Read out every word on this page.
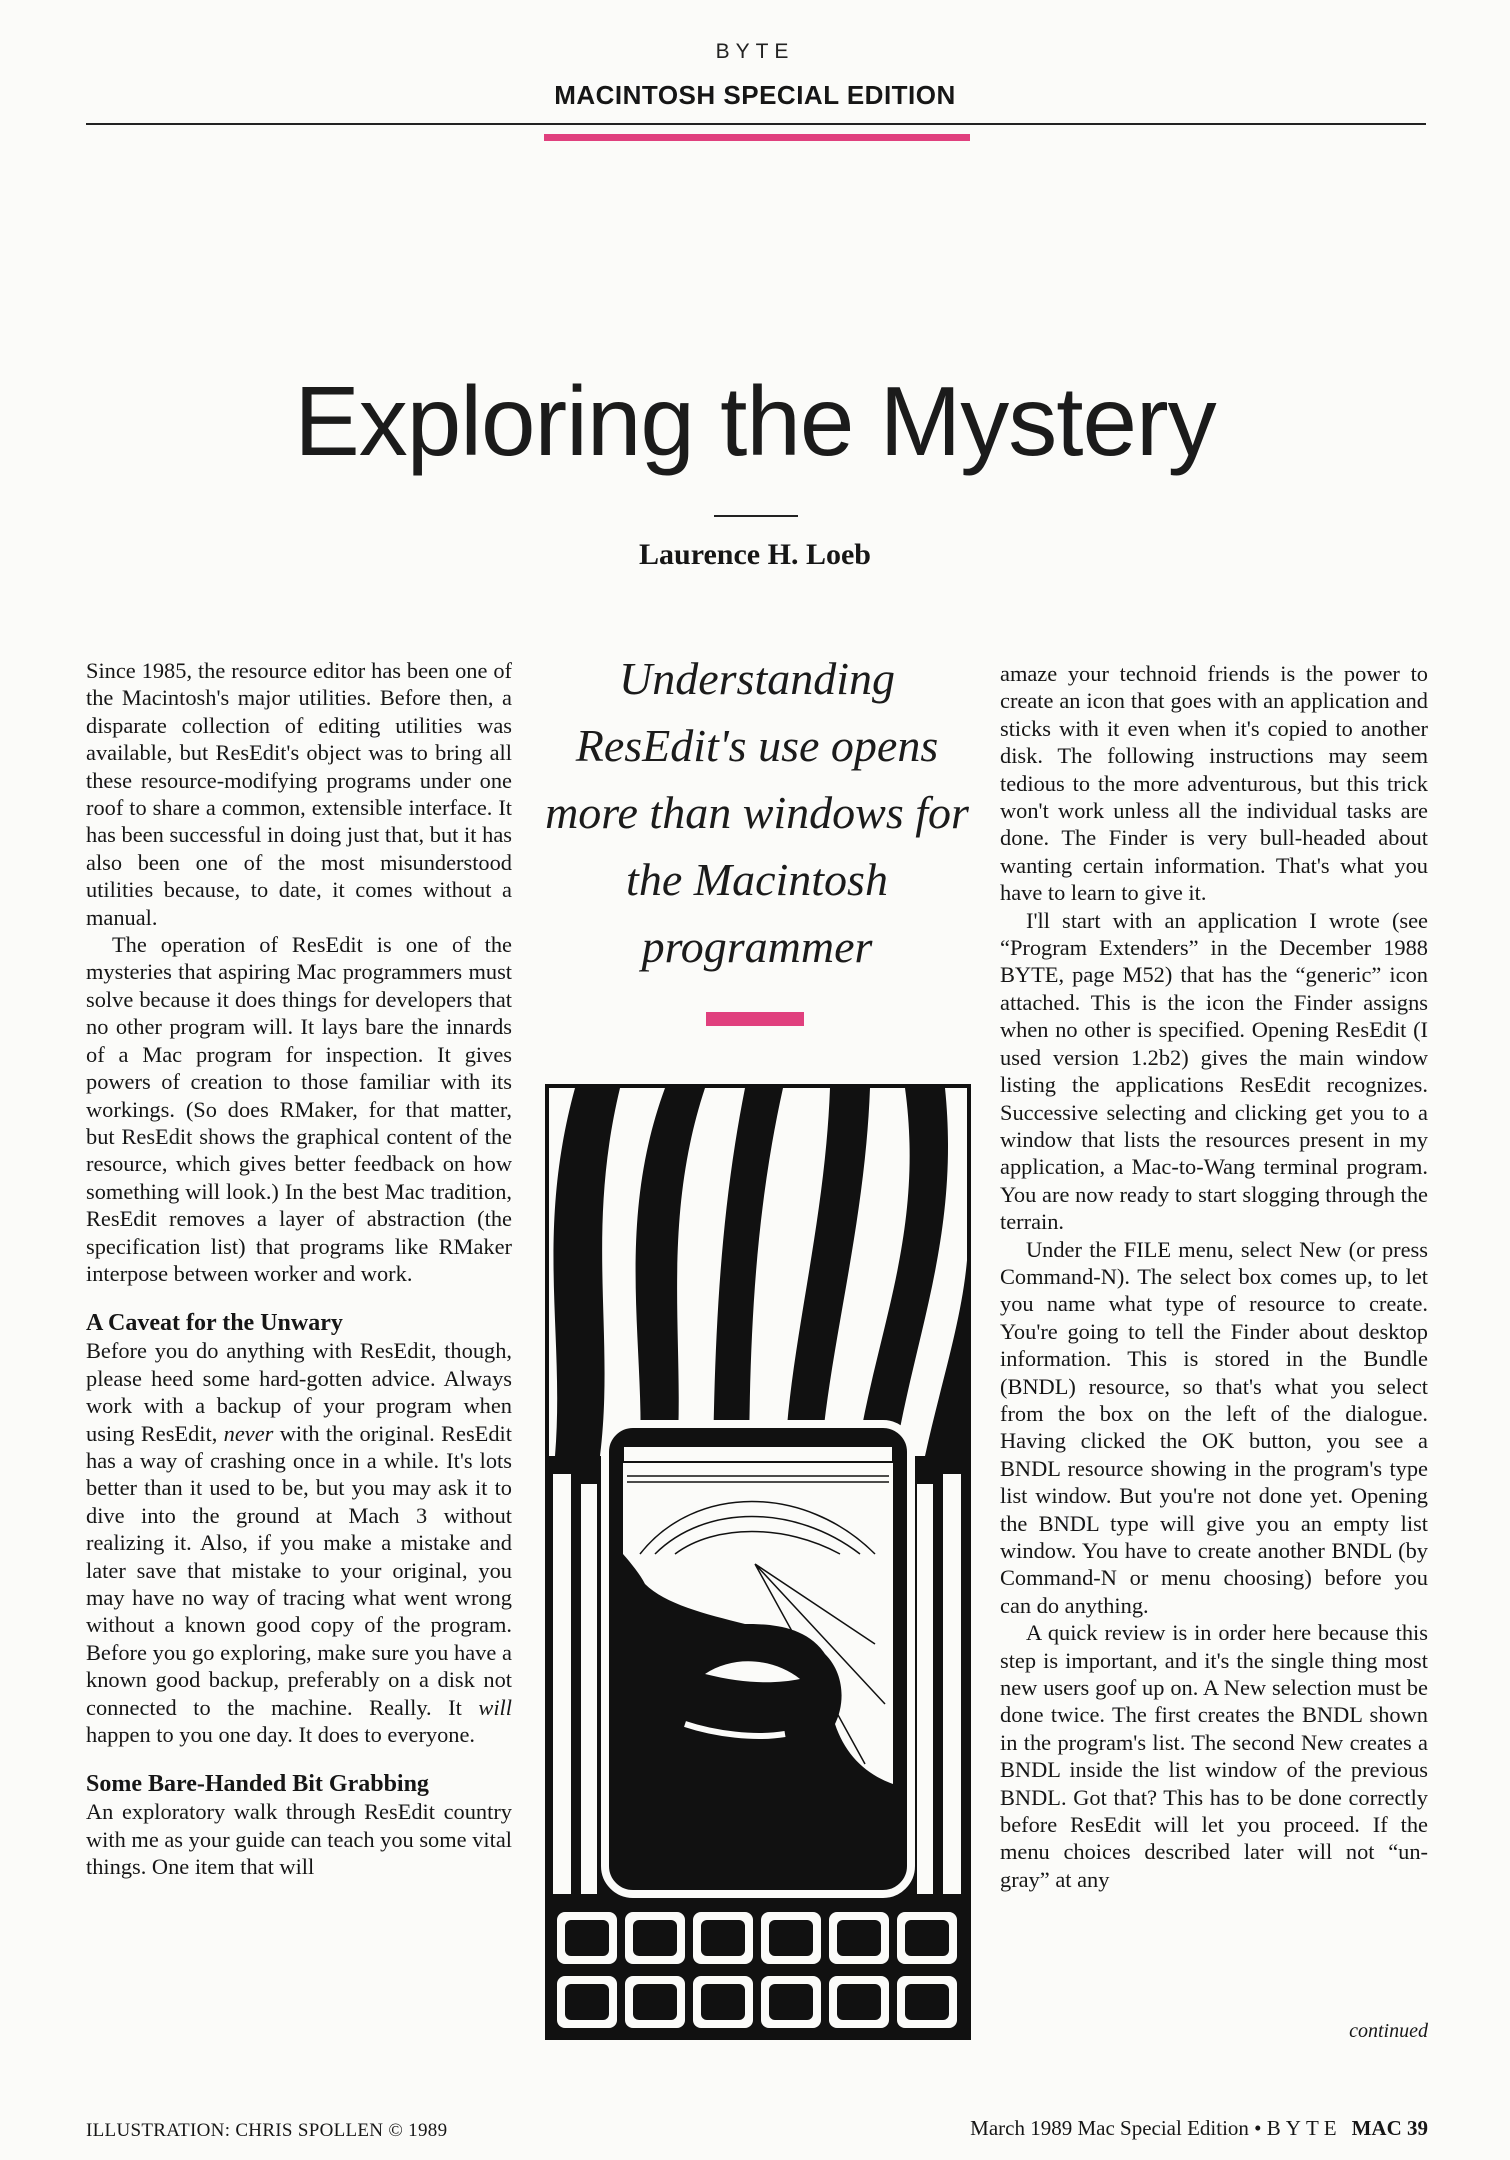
BYTE
MACINTOSH SPECIAL EDITION
Exploring the Mystery
Laurence H. Loeb

Since 1985, the resource editor has been one of the Macintosh's major utilities. Before then, a disparate collection of editing utilities was available, but ResEdit's object was to bring all these resource-modifying programs under one roof to share a common, extensible interface. It has been successful in doing just that, but it has also been one of the most misunderstood utilities because, to date, it comes without a manual.

The operation of ResEdit is one of the mysteries that aspiring Mac programmers must solve because it does things for developers that no other program will. It lays bare the innards of a Mac program for inspection. It gives powers of creation to those familiar with its workings. (So does RMaker, for that matter, but ResEdit shows the graphical content of the resource, which gives better feedback on how something will look.) In the best Mac tradition, ResEdit removes a layer of abstraction (the specification list) that programs like RMaker interpose between worker and work.

A Caveat for the Unwary

Before you do anything with ResEdit, though, please heed some hard-gotten advice. Always work with a backup of your program when using ResEdit, never with the original. ResEdit has a way of crashing once in a while. It's lots better than it used to be, but you may ask it to dive into the ground at Mach 3 without realizing it. Also, if you make a mistake and later save that mistake to your original, you may have no way of tracing what went wrong without a known good copy of the program. Before you go exploring, make sure you have a known good backup, preferably on a disk not connected to the machine. Really. It will happen to you one day. It does to everyone.

Some Bare-Handed Bit Grabbing

An exploratory walk through ResEdit country with me as your guide can teach you some vital things. One item that will

Understanding ResEdit's use opens more than windows for the Macintosh programmer

amaze your technoid friends is the power to create an icon that goes with an application and sticks with it even when it's copied to another disk. The following instructions may seem tedious to the more adventurous, but this trick won't work unless all the individual tasks are done. The Finder is very bull-headed about wanting certain information. That's what you have to learn to give it.

I'll start with an application I wrote (see “Program Extenders” in the December 1988 BYTE, page M52) that has the “generic” icon attached. This is the icon the Finder assigns when no other is specified. Opening ResEdit (I used version 1.2b2) gives the main window listing the applications ResEdit recognizes. Successive selecting and clicking get you to a window that lists the resources present in my application, a Mac-to-Wang terminal program. You are now ready to start slogging through the terrain.

Under the FILE menu, select New (or press Command-N). The select box comes up, to let you name what type of resource to create. You're going to tell the Finder about desktop information. This is stored in the Bundle (BNDL) resource, so that's what you select from the box on the left of the dialogue. Having clicked the OK button, you see a BNDL resource showing in the program's type list window. But you're not done yet. Opening the BNDL type will give you an empty list window. You have to create another BNDL (by Command-N or menu choosing) before you can do anything.

A quick review is in order here because this step is important, and it's the single thing most new users goof up on. A New selection must be done twice. The first creates the BNDL shown in the program's list. The second New creates a BNDL inside the list window of the previous BNDL. Got that? This has to be done correctly before ResEdit will let you proceed. If the menu choices described later will not “un-gray” at any

continued
ILLUSTRATION: CHRIS SPOLLEN © 1989	March 1989 Mac Special Edition • BYTE MAC 39
